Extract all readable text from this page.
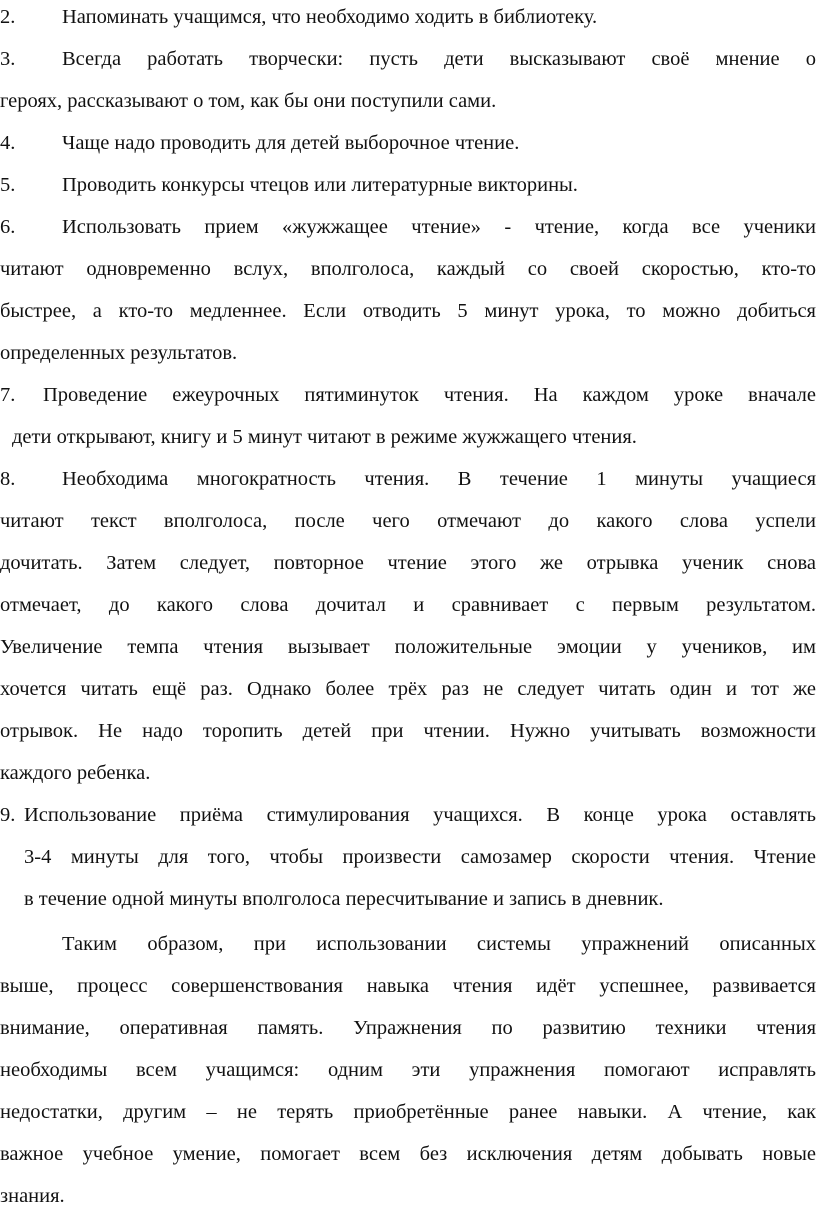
2. Напоминать учащимся, что необходимо ходить в библиотеку.
3. Всегда работать творчески: пусть дети высказывают своё мнение о
героях, рассказывают о том, как бы они поступили сами.
4. Чаще надо проводить для детей выборочное чтение.
5. Проводить конкурсы чтецов или литературные викторины.
6. Использовать прием «жужжащее чтение» - чтение, когда все ученики
читают одновременно вслух, вполголоса, каждый со своей скоростью, кто-то
быстрее, а кто-то медленнее. Если отводить 5 минут урока, то можно добиться
определенных результатов.
7. Проведение ежеурочных пятиминуток чтения. На каждом уроке вначале
дети открывают, книгу и 5 минут читают в режиме жужжащего чтения.
8. Необходима многократность чтения. В течение 1 минуты учащиеся
читают текст вполголоса, после чего отмечают до какого слова успели
дочитать. Затем следует, повторное чтение этого же отрывка ученик снова
отмечает, до какого слова дочитал и сравнивает с первым результатом.
Увеличение темпа чтения вызывает положительные эмоции у учеников, им
хочется читать ещё раз. Однако более трёх раз не следует читать один и тот же
отрывок. Не надо торопить детей при чтении. Нужно учитывать возможности
каждого ребенка.
9. Использование приёма стимулирования учащихся. В конце урока оставлять
3-4 минуты для того, чтобы произвести самозамер скорости чтения. Чтение
в течение одной минуты вполголоса пересчитывание и запись в дневник.
Таким образом, при использовании системы упражнений описанных
выше, процесс совершенствования навыка чтения идёт успешнее, развивается
внимание, оперативная память. Упражнения по развитию техники чтения
необходимы всем учащимся: одним эти упражнения помогают исправлять
недостатки, другим – не терять приобретённые ранее навыки. А чтение, как
важное учебное умение, помогает всем без исключения детям добывать новые
знания.
